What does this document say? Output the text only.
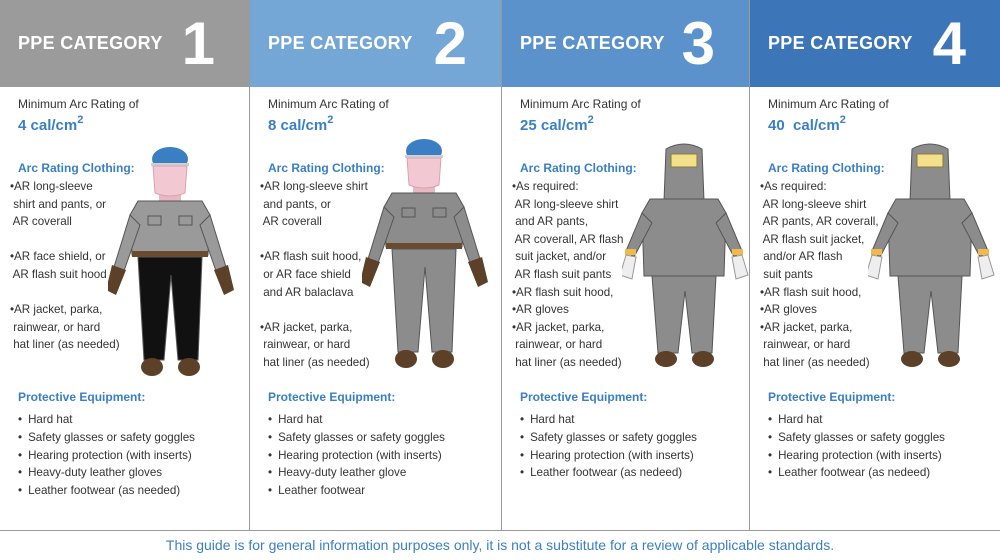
PPE CATEGORY 1
Minimum Arc Rating of
4 cal/$cm^2$
Arc Rating Clothing:
•AR long-sleeve
shirt and pants, or
AR coverall
•AR face shield, or
AR flash suit hood
•AR jacket, parka,
rainwear, or hard
hat liner (as needed)
Protective Equipment:
• Hard hat
• Safety glasses or safety goggles
• Hearing protection (with inserts)
• Heavy-duty leather gloves
• Leather footwear (as needed)
PPE CATEGORY 2
Minimum Arc Rating of
8 cal/$cm^2$
Arc Rating Clothing:
•AR long-sleeve shirt
and pants, or
AR coverall
•AR flash suit hood,
or AR face shield
and AR balaclava
•AR jacket, parka,
rainwear, or hard
hat liner (as needed)
Protective Equipment:
• Hard hat
• Safety glasses or safety goggles
• Hearing protection (with inserts)
• Heavy-duty leather glove
• Leather footwear
PPE CATEGORY 3
Minimum Arc Rating of
25 cal/$cm^2$
Arc Rating Clothing:
•As required:
AR long-sleeve shirt
and AR pants,
AR coverall, AR flash
suit jacket, and/or
AR flash suit pants
•AR flash suit hood,
•AR gloves
•AR jacket, parka,
rainwear, or hard
hat liner (as needed)
Protective Equipment:
• Hard hat
• Safety glasses or safety goggles
• Hearing protection (with inserts)
• Leather footwear (as nedeed)
PPE CATEGORY 4
Minimum Arc Rating of
40  cal/$cm^2$
Arc Rating Clothing:
•As required:
AR long-sleeve shirt
AR pants, AR coverall,
AR flash suit jacket,
and/or AR flash
suit pants
•AR flash suit hood,
•AR gloves
•AR jacket, parka,
rainwear, or hard
hat liner (as needed)
Protective Equipment:
• Hard hat
• Safety glasses or safety goggles
• Hearing protection (with inserts)
• Leather footwear (as nedeed)
This guide is for general information purposes only, it is not a substitute for a review of applicable standards.
